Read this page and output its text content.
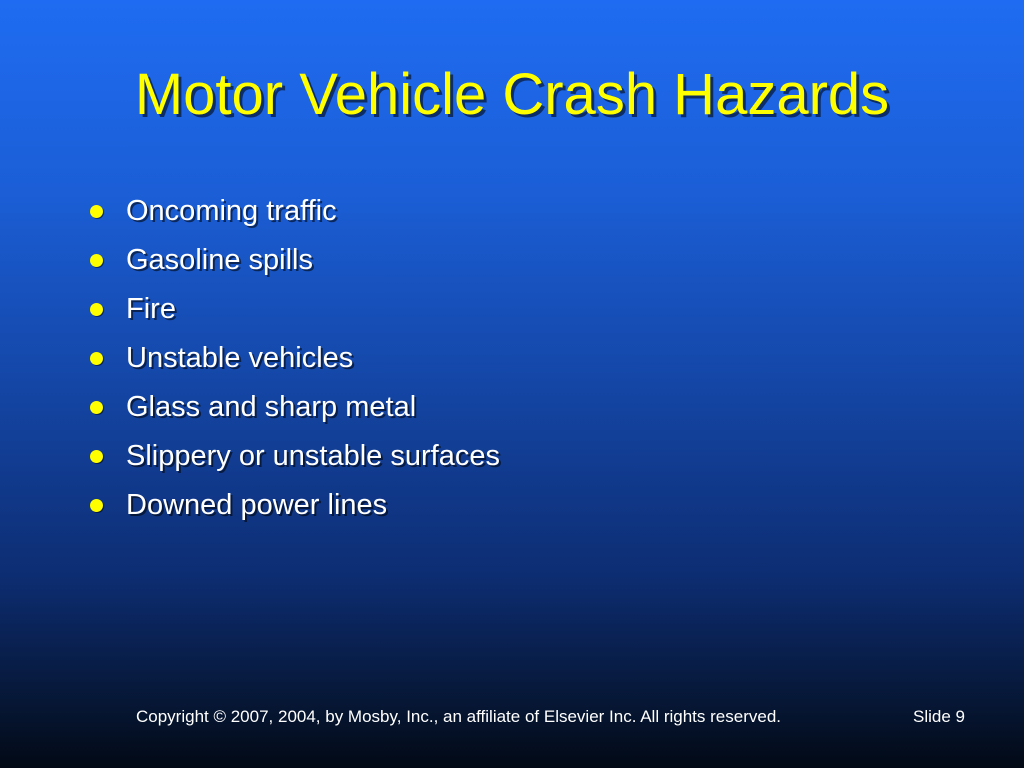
Motor Vehicle Crash Hazards
Oncoming traffic
Gasoline spills
Fire
Unstable vehicles
Glass and sharp metal
Slippery or unstable surfaces
Downed power lines
Copyright © 2007, 2004, by Mosby, Inc., an affiliate of Elsevier Inc. All rights reserved.	Slide 9
